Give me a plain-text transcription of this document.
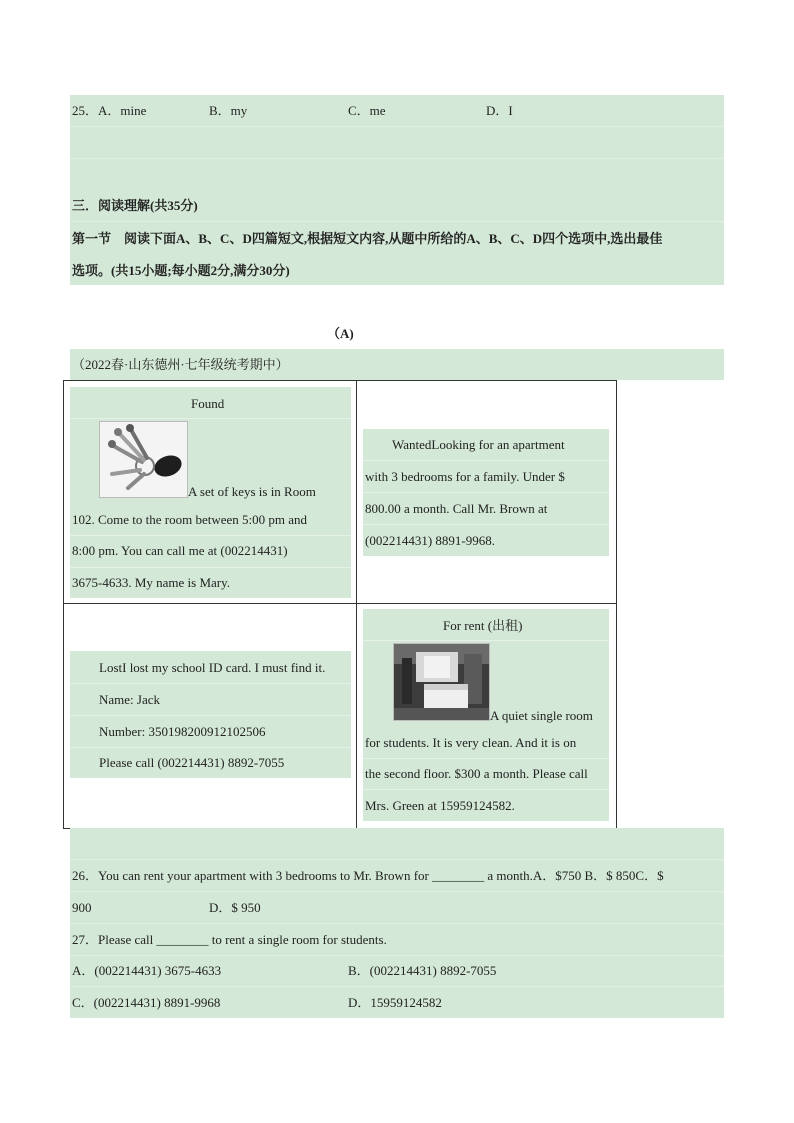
25．A．mine	B．my	C．me	D．I
三．阅读理解(共35分)
第一节　阅读下面A、B、C、D四篇短文,根据短文内容,从题中所给的A、B、C、D四个选项中,选出最佳
选项。(共15小题;每小题2分,满分30分)
（A)
（2022春·山东德州·七年级统考期中）
Found
A set of keys is in Room
102. Come to the room between 5:00 pm and
8:00 pm. You can call me at (002214431)
3675-4633. My name is Mary.
WantedLooking for an apartment
with 3 bedrooms for a family. Under $
800.00 a month. Call Mr. Brown at
(002214431) 8891-9968.
LostI lost my school ID card. I must find it.
Name: Jack
Number: 350198200912102506
Please call (002214431) 8892-7055
For rent (出租)
A quiet single room
for students. It is very clean. And it is on
the second floor. $300 a month. Please call
Mrs. Green at 15959124582.
26．You can rent your apartment with 3 bedrooms to Mr. Brown for ________ a month.A．$750 B．$ 850C．$
900	D．$ 950
27．Please call ________ to rent a single room for students.
A．(002214431) 3675-4633	B．(002214431) 8892-7055
C．(002214431) 8891-9968	D．15959124582
